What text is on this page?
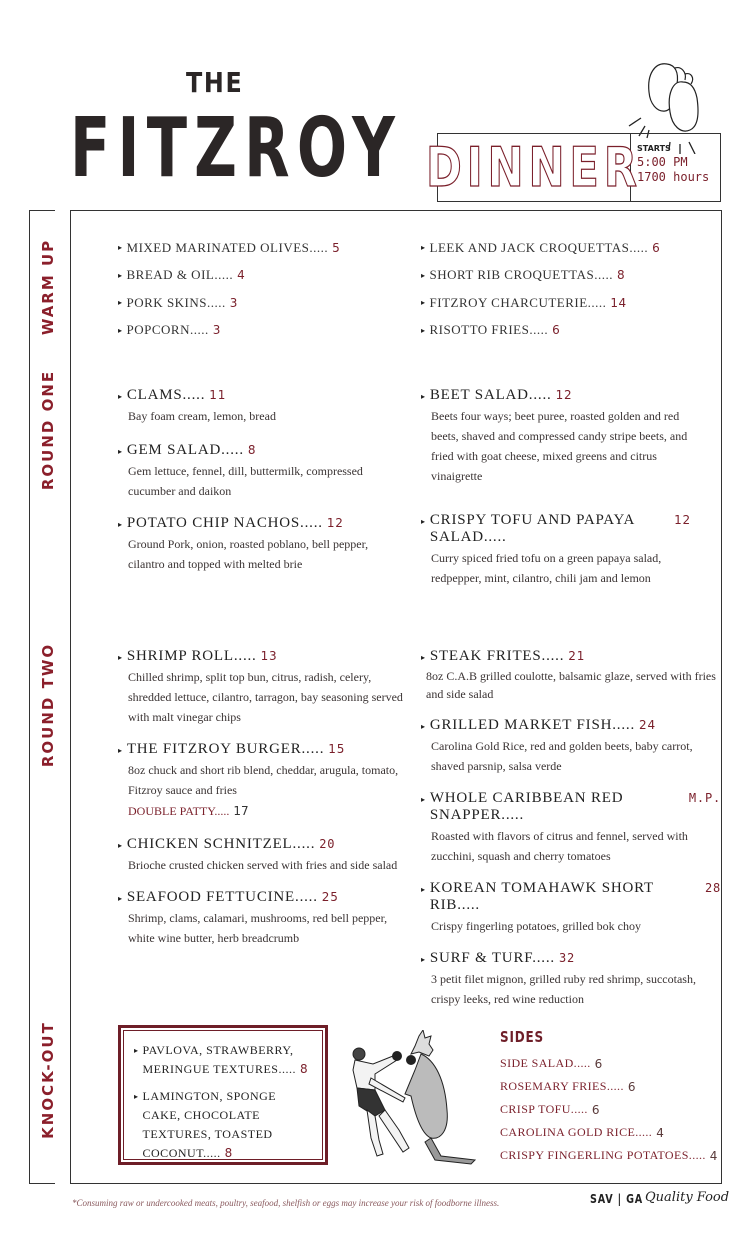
THE
FITZROY DINNER
STARTS
5:00 PM
1700 hours
WARM UP
ROUND ONE
ROUND TWO
KNOCK-OUT
▸ MIXED MARINATED OLIVES..... 5
▸ BREAD & OIL..... 4
▸ PORK SKINS..... 3
▸ POPCORN..... 3
▸ LEEK AND JACK CROQUETTAS..... 6
▸ SHORT RIB CROQUETTAS..... 8
▸ FITZROY CHARCUTERIE..... 14
▸ RISOTTO FRIES..... 6
▸ CLAMS..... 11
Bay foam cream, lemon, bread
▸ GEM SALAD..... 8
Gem lettuce, fennel, dill, buttermilk, compressed cucumber and daikon
▸ POTATO CHIP NACHOS..... 12
Ground Pork, onion, roasted poblano, bell pepper, cilantro and topped with melted brie
▸ BEET SALAD..... 12
Beets four ways; beet puree, roasted golden and red beets, shaved and compressed candy stripe beets, and fried with goat cheese, mixed greens and citrus vinaigrette
▸ CRISPY TOFU AND PAPAYA SALAD.....
12
Curry spiced fried tofu on a green papaya salad, redpepper, mint, cilantro, chili jam and lemon
▸ SHRIMP ROLL..... 13
Chilled shrimp, split top bun, citrus, radish, celery, shredded lettuce, cilantro, tarragon, bay seasoning served with malt vinegar chips
▸ THE FITZROY BURGER..... 15
8oz chuck and short rib blend, cheddar, arugula, tomato, Fitzroy sauce and fries
DOUBLE PATTY..... 17
▸ CHICKEN SCHNITZEL..... 20
Brioche crusted chicken served with fries and side salad
▸ SEAFOOD FETTUCINE..... 25
Shrimp, clams, calamari, mushrooms, red bell pepper, white wine butter, herb breadcrumb
▸ STEAK FRITES..... 21
8oz C.A.B grilled coulotte, balsamic glaze, served with fries and side salad
▸ GRILLED MARKET FISH..... 24
Carolina Gold Rice, red and golden beets, baby carrot, shaved parsnip, salsa verde
▸ WHOLE CARIBBEAN RED SNAPPER.....
M.P.
Roasted with flavors of citrus and fennel, served with zucchini, squash and cherry tomatoes
▸ KOREAN TOMAHAWK SHORT RIB.....
28
Crispy fingerling potatoes, grilled bok choy
▸ SURF & TURF..... 32
3 petit filet mignon, grilled ruby red shrimp, succotash, crispy leeks, red wine reduction
▸ PAVLOVA, STRAWBERRY, MERINGUE TEXTURES..... 8
▸ LAMINGTON, SPONGE CAKE, CHOCOLATE TEXTURES, TOASTED COCONUT..... 8
SIDES
SIDE SALAD..... 6
ROSEMARY FRIES..... 6
CRISP TOFU..... 6
CAROLINA GOLD RICE..... 4
CRISPY FINGERLING POTATOES..... 4
*Consuming raw or undercooked meats, poultry, seafood, shelfish or eggs may increase your risk of foodborne illness.	SAV | GA Quality Food
